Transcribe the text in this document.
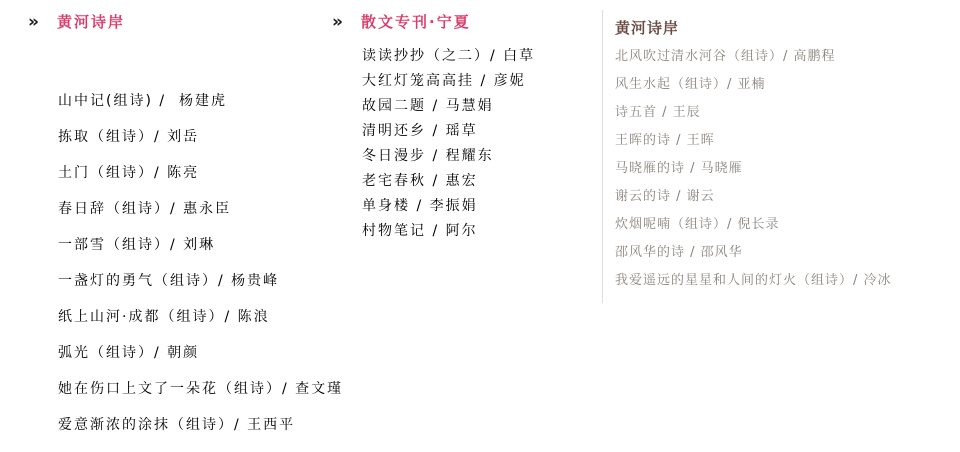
»	黄河诗岸
山中记(组诗) /  杨建虎
拣取（组诗）/ 刘岳
土门（组诗）/ 陈亮
春日辞（组诗）/ 惠永臣
一部雪（组诗）/ 刘琳
一盏灯的勇气（组诗）/ 杨贵峰
纸上山河·成都（组诗）/ 陈浪
弧光（组诗）/ 朝颜
她在伤口上文了一朵花（组诗）/ 查文瑾
爱意渐浓的涂抹（组诗）/ 王西平
»	散文专刊·宁夏
读读抄抄（之二）/ 白草
大红灯笼高高挂 / 彦妮
故园二题 / 马慧娟
清明还乡 / 瑶草
冬日漫步 / 程耀东
老宅春秋 / 惠宏
单身楼 / 李振娟
村物笔记 / 阿尔
黄河诗岸
北风吹过清水河谷（组诗）/ 高鹏程
风生水起（组诗）/ 亚楠
诗五首 / 王辰
王晖的诗 / 王晖
马晓雁的诗 / 马晓雁
谢云的诗 / 谢云
炊烟呢喃（组诗）/ 倪长录
邵风华的诗 / 邵风华
我爱遥远的星星和人间的灯火（组诗）/ 冷冰
